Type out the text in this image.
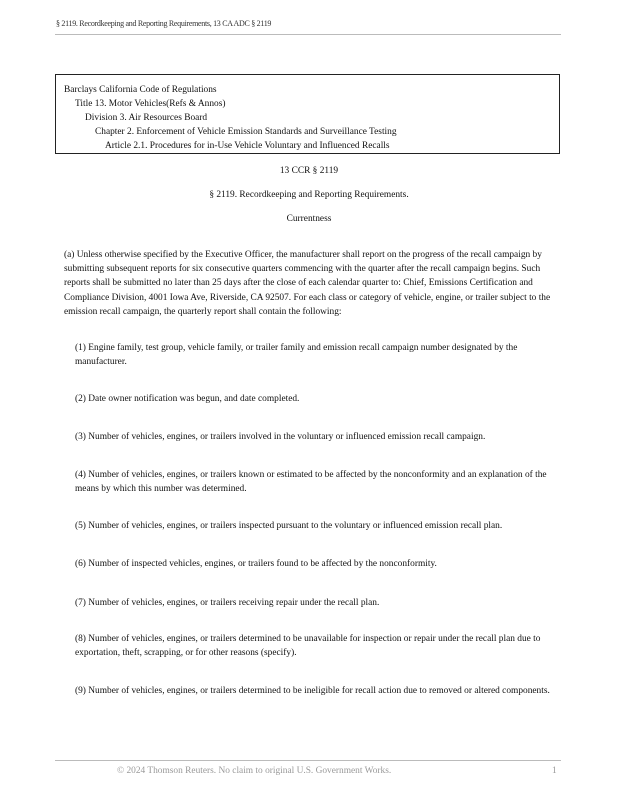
§ 2119. Recordkeeping and Reporting Requirements, 13 CA ADC § 2119
Barclays California Code of Regulations
Title 13. Motor Vehicles(Refs & Annos)
Division 3. Air Resources Board
Chapter 2. Enforcement of Vehicle Emission Standards and Surveillance Testing
Article 2.1. Procedures for in-Use Vehicle Voluntary and Influenced Recalls
13 CCR § 2119
§ 2119. Recordkeeping and Reporting Requirements.
Currentness
(a) Unless otherwise specified by the Executive Officer, the manufacturer shall report on the progress of the recall campaign by submitting subsequent reports for six consecutive quarters commencing with the quarter after the recall campaign begins. Such reports shall be submitted no later than 25 days after the close of each calendar quarter to: Chief, Emissions Certification and Compliance Division, 4001 Iowa Ave, Riverside, CA 92507. For each class or category of vehicle, engine, or trailer subject to the emission recall campaign, the quarterly report shall contain the following:
(1) Engine family, test group, vehicle family, or trailer family and emission recall campaign number designated by the manufacturer.
(2) Date owner notification was begun, and date completed.
(3) Number of vehicles, engines, or trailers involved in the voluntary or influenced emission recall campaign.
(4) Number of vehicles, engines, or trailers known or estimated to be affected by the nonconformity and an explanation of the means by which this number was determined.
(5) Number of vehicles, engines, or trailers inspected pursuant to the voluntary or influenced emission recall plan.
(6) Number of inspected vehicles, engines, or trailers found to be affected by the nonconformity.
(7) Number of vehicles, engines, or trailers receiving repair under the recall plan.
(8) Number of vehicles, engines, or trailers determined to be unavailable for inspection or repair under the recall plan due to exportation, theft, scrapping, or for other reasons (specify).
(9) Number of vehicles, engines, or trailers determined to be ineligible for recall action due to removed or altered components.
© 2024 Thomson Reuters. No claim to original U.S. Government Works.	1
